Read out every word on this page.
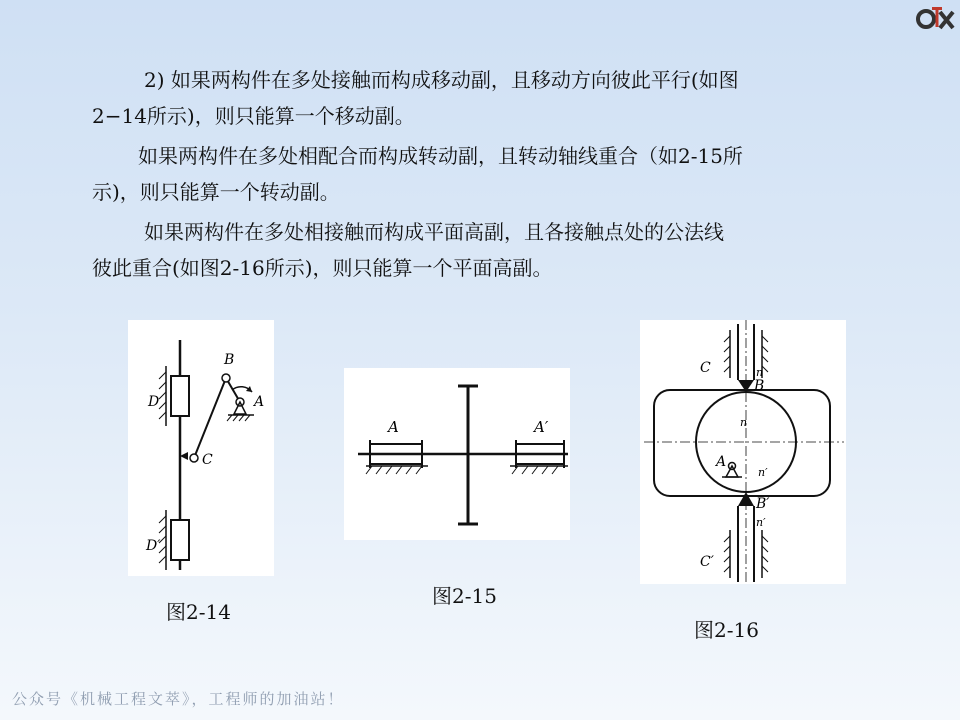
2) 如果两构件在多处接触而构成移动副，且移动方向彼此平行(如图
2−14所示)，则只能算一个移动副。
如果两构件在多处相配合而构成转动副，且转动轴线重合（如2-15所
示)，则只能算一个转动副。
如果两构件在多处相接触而构成平面高副，且各接触点处的公法线
彼此重合(如图2-16所示)，则只能算一个平面高副。
B
A
C
D
D′
图2-14
A	A′
图2-15
C
C′
B
B′
A
n
n
n′
n′
图2-16
公众号《机械工程文萃》，工程师的加油站！
